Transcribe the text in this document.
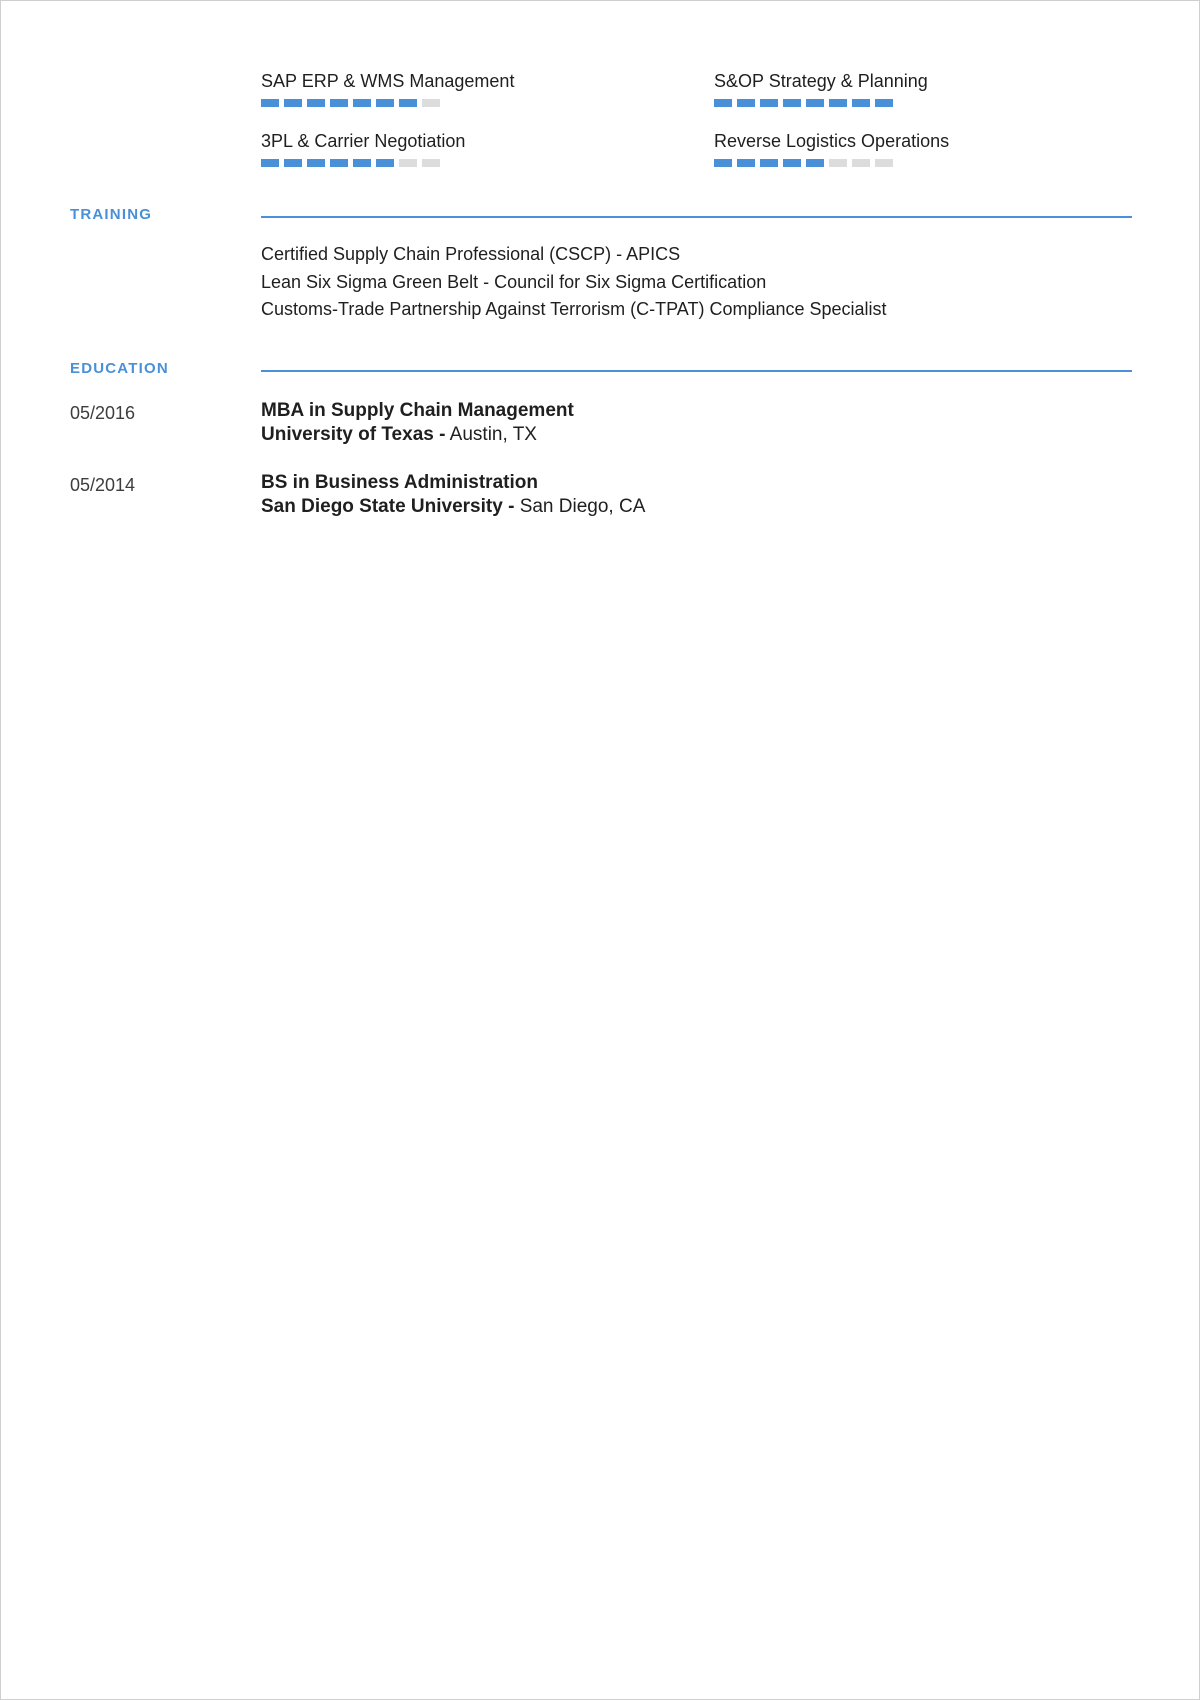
SAP ERP & WMS Management	S&OP Strategy & Planning
3PL & Carrier Negotiation	Reverse Logistics Operations
TRAINING
Certified Supply Chain Professional (CSCP) - APICS
Lean Six Sigma Green Belt - Council for Six Sigma Certification
Customs-Trade Partnership Against Terrorism (C-TPAT) Compliance Specialist
EDUCATION
05/2016	MBA in Supply Chain Management
University of Texas - Austin, TX
05/2014	BS in Business Administration
San Diego State University - San Diego, CA
